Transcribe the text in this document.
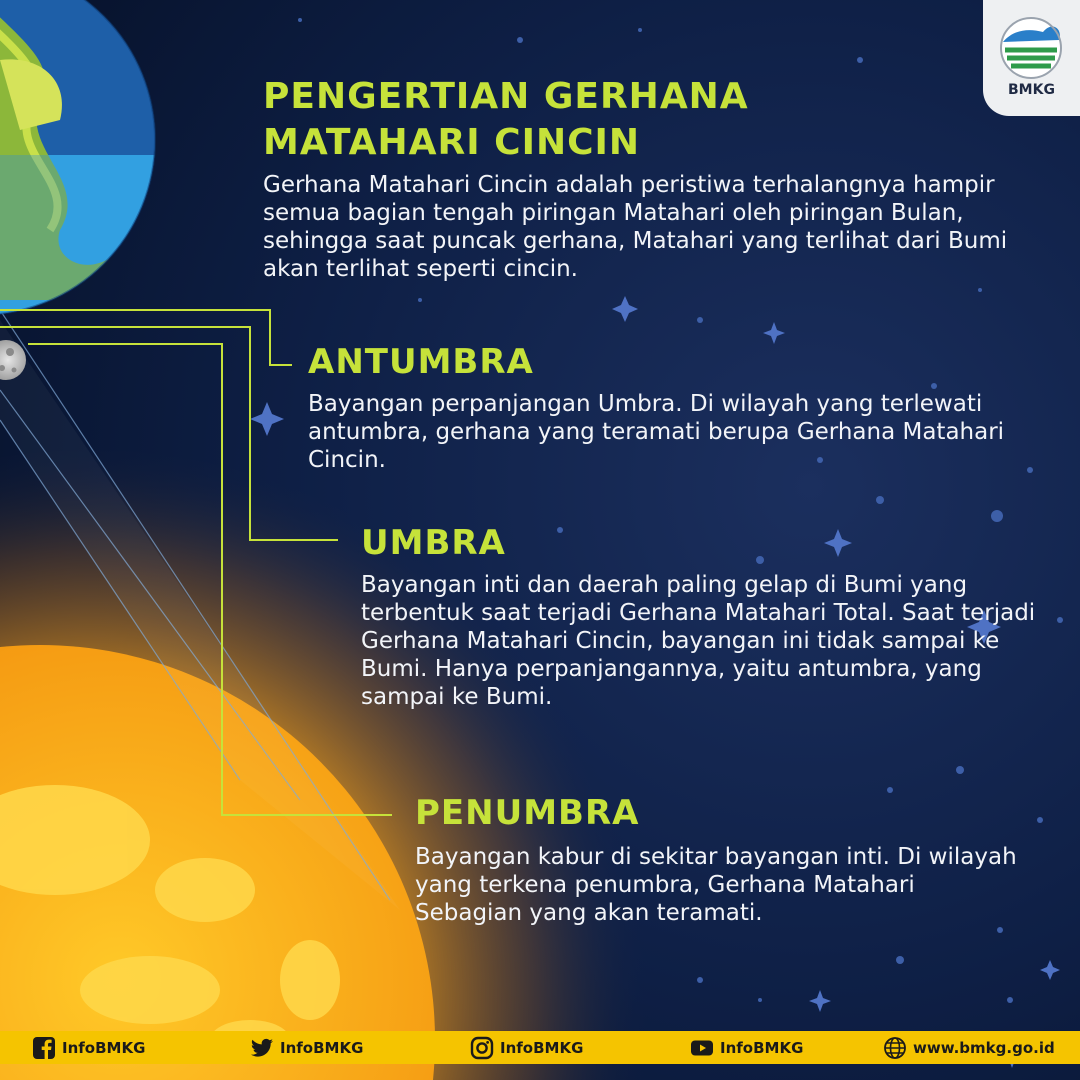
BMKG
PENGERTIAN GERHANA
MATAHARI CINCIN
Gerhana Matahari Cincin adalah peristiwa terhalangnya hampir semua bagian tengah piringan Matahari oleh piringan Bulan, sehingga saat puncak gerhana, Matahari yang terlihat dari Bumi akan terlihat seperti cincin.
ANTUMBRA
Bayangan perpanjangan Umbra. Di wilayah yang terlewati antumbra, gerhana yang teramati berupa Gerhana Matahari Cincin.
UMBRA
Bayangan inti dan daerah paling gelap di Bumi yang terbentuk saat terjadi Gerhana Matahari Total. Saat terjadi Gerhana Matahari Cincin, bayangan ini tidak sampai ke Bumi. Hanya perpanjangannya, yaitu antumbra, yang sampai ke Bumi.
PENUMBRA
Bayangan kabur di sekitar bayangan inti. Di wilayah yang terkena penumbra, Gerhana Matahari Sebagian yang akan teramati.
InfoBMKG	InfoBMKG	InfoBMKG	InfoBMKG	www.bmkg.go.id
